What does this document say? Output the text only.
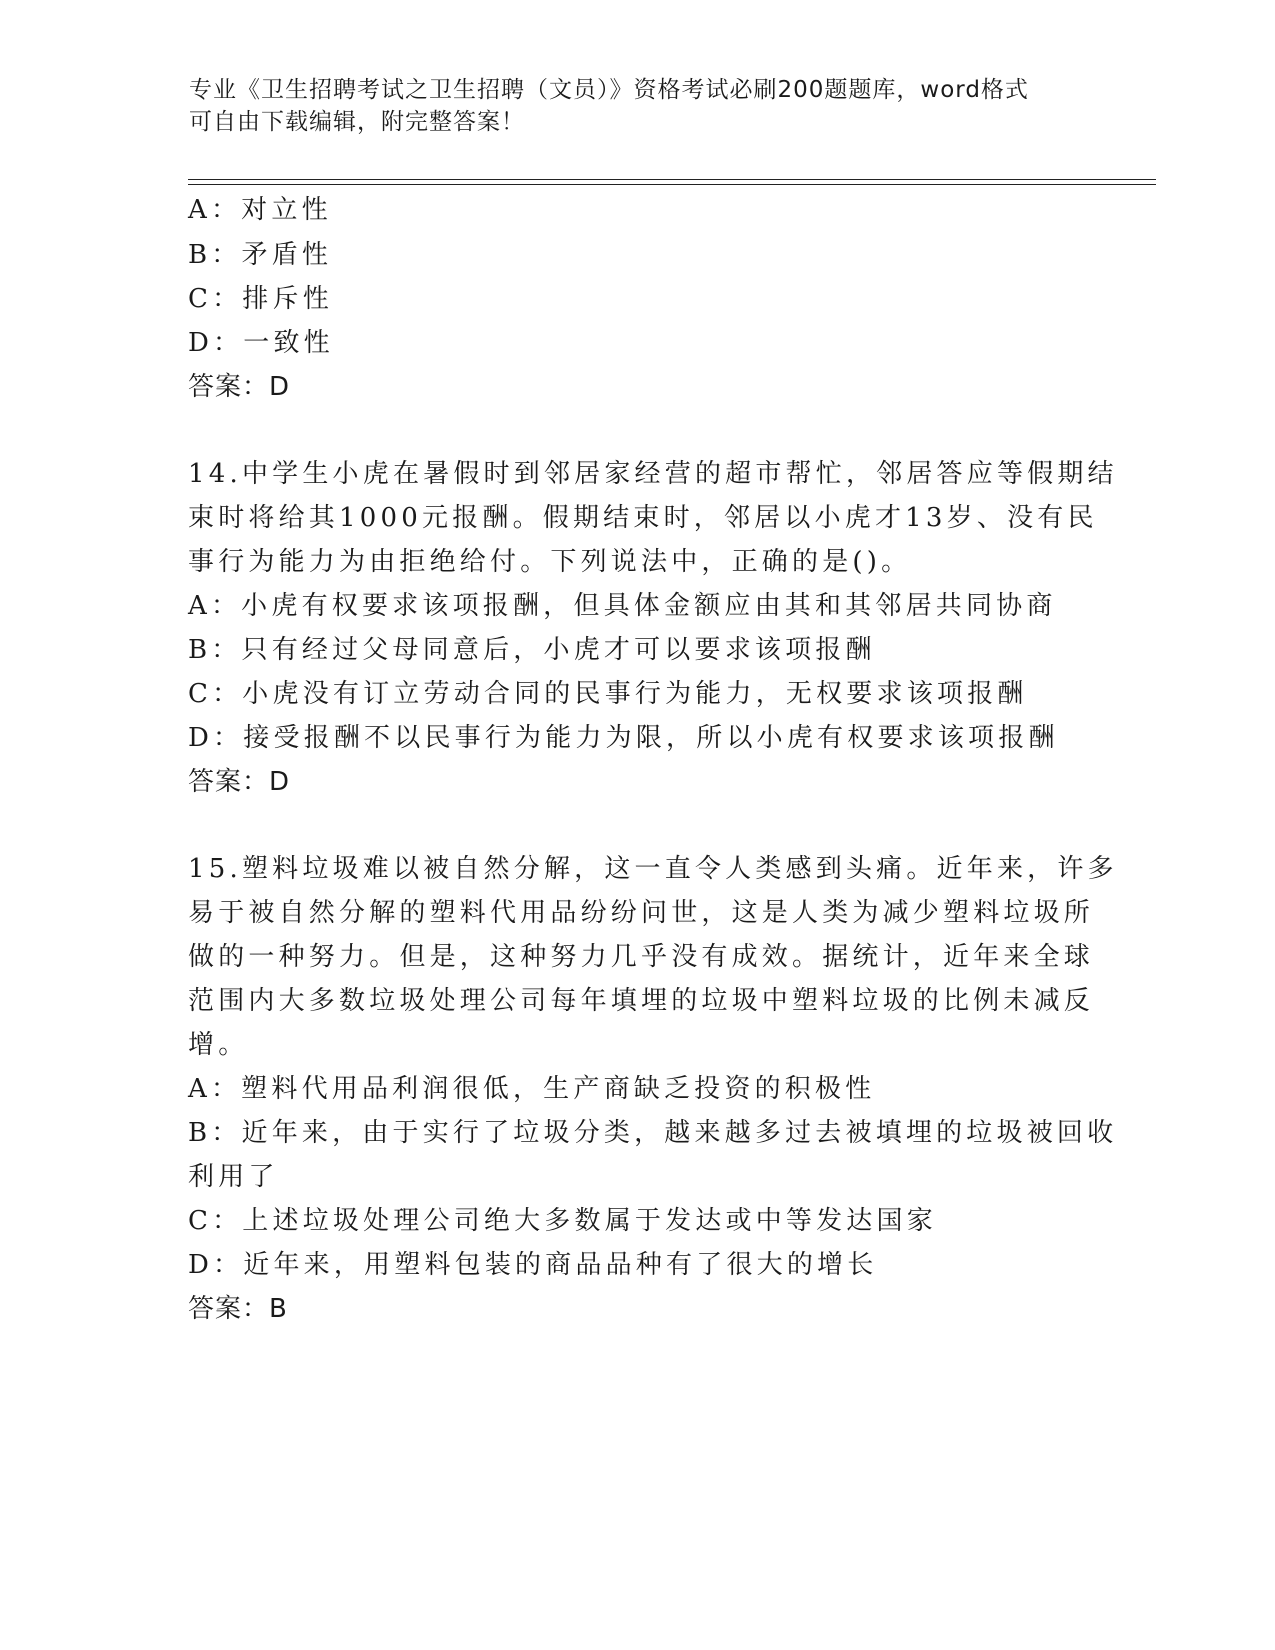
专业《卫生招聘考试之卫生招聘（文员）》资格考试必刷200题题库，word格式
可自由下载编辑，附完整答案！
A：对立性
B：矛盾性
C：排斥性
D：一致性
答案：D
14.中学生小虎在暑假时到邻居家经营的超市帮忙，邻居答应等假期结
束时将给其1000元报酬。假期结束时，邻居以小虎才13岁、没有民
事行为能力为由拒绝给付。下列说法中，正确的是()。
A：小虎有权要求该项报酬，但具体金额应由其和其邻居共同协商
B：只有经过父母同意后，小虎才可以要求该项报酬
C：小虎没有订立劳动合同的民事行为能力，无权要求该项报酬
D：接受报酬不以民事行为能力为限，所以小虎有权要求该项报酬
答案：D
15.塑料垃圾难以被自然分解，这一直令人类感到头痛。近年来，许多
易于被自然分解的塑料代用品纷纷问世，这是人类为减少塑料垃圾所
做的一种努力。但是，这种努力几乎没有成效。据统计，近年来全球
范围内大多数垃圾处理公司每年填埋的垃圾中塑料垃圾的比例未减反
增。
A：塑料代用品利润很低，生产商缺乏投资的积极性
B：近年来，由于实行了垃圾分类，越来越多过去被填埋的垃圾被回收
利用了
C：上述垃圾处理公司绝大多数属于发达或中等发达国家
D：近年来，用塑料包装的商品品种有了很大的增长
答案：B
